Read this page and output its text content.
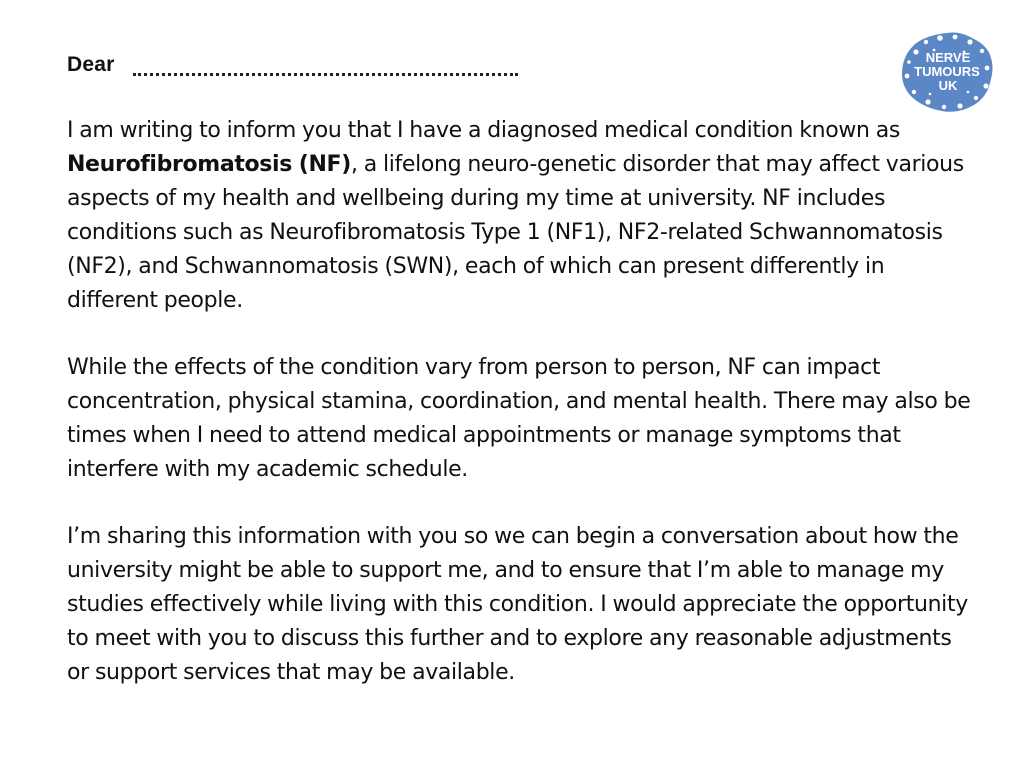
Dear	NERVE
TUMOURS
UK

I am writing to inform you that I have a diagnosed medical condition known as Neurofibromatosis (NF), a lifelong neuro-genetic disorder that may affect various aspects of my health and wellbeing during my time at university. NF includes conditions such as Neurofibromatosis Type 1 (NF1), NF2-related Schwannomatosis (NF2), and Schwannomatosis (SWN), each of which can present differently in different people.

While the effects of the condition vary from person to person, NF can impact concentration, physical stamina, coordination, and mental health. There may also be times when I need to attend medical appointments or manage symptoms that interfere with my academic schedule.

I’m sharing this information with you so we can begin a conversation about how the university might be able to support me, and to ensure that I’m able to manage my studies effectively while living with this condition. I would appreciate the opportunity to meet with you to discuss this further and to explore any reasonable adjustments or support services that may be available.
